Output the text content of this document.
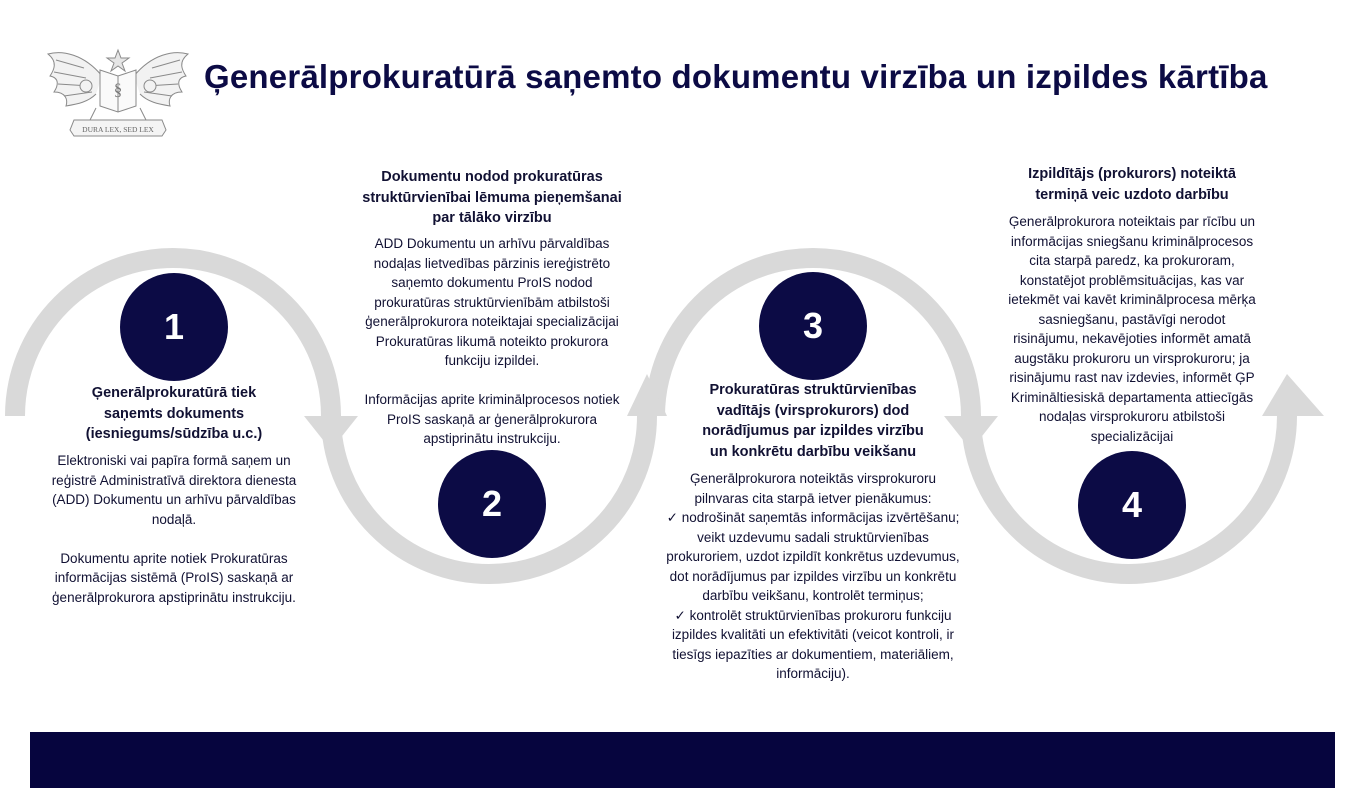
§
DURA LEX, SED LEX
Ģenerālprokuratūrā saņemto dokumentu virzība un izpildes kārtība
1
2
3
4
Ģenerālprokuratūrā tiek
saņemts dokuments
(iesniegums/sūdzība u.c.)

Elektroniski vai papīra formā saņem un

reģistrē Administratīvā direktora dienesta

(ADD) Dokumentu un arhīvu pārvaldības

nodaļā.

Dokumentu aprite notiek Prokuratūras

informācijas sistēmā (ProIS) saskaņā ar

ģenerālprokurora apstiprinātu instrukciju.

Dokumentu nodod prokuratūras
struktūrvienībai lēmuma pieņemšanai
par tālāko virzību

ADD Dokumentu un arhīvu pārvaldības

nodaļas lietvedības pārzinis iereģistrēto

saņemto dokumentu ProIS nodod

prokuratūras struktūrvienībām atbilstoši

ģenerālprokurora noteiktajai specializācijai

Prokuratūras likumā noteikto prokurora

funkciju izpildei.

Informācijas aprite kriminālprocesos notiek

ProIS saskaņā ar ģenerālprokurora

apstiprinātu instrukciju.

Prokuratūras struktūrvienības
vadītājs (virsprokurors) dod
norādījumus par izpildes virzību
un konkrētu darbību veikšanu

Ģenerālprokurora noteiktās virsprokuroru

pilnvaras cita starpā ietver pienākumus:

✓ nodrošināt saņemtās informācijas izvērtēšanu;

veikt uzdevumu sadali struktūrvienības

prokuroriem, uzdot izpildīt konkrētus uzdevumus,

dot norādījumus par izpildes virzību un konkrētu

darbību veikšanu, kontrolēt termiņus;

✓ kontrolēt struktūrvienības prokuroru funkciju

izpildes kvalitāti un efektivitāti (veicot kontroli, ir

tiesīgs iepazīties ar dokumentiem, materiāliem,

informāciju).

Izpildītājs (prokurors) noteiktā
termiņā veic uzdoto darbību

Ģenerālprokurora noteiktais par rīcību un

informācijas sniegšanu kriminālprocesos

cita starpā paredz, ka prokuroram,

konstatējot problēmsituācijas, kas var

ietekmēt vai kavēt kriminālprocesa mērķa

sasniegšanu, pastāvīgi nerodot

risinājumu, nekavējoties informēt amatā

augstāku prokuroru un virsprokuroru; ja

risinājumu rast nav izdevies, informēt ĢP

Krimināltiesiskā departamenta attiecīgās

nodaļas virsprokuroru atbilstoši

specializācijai
